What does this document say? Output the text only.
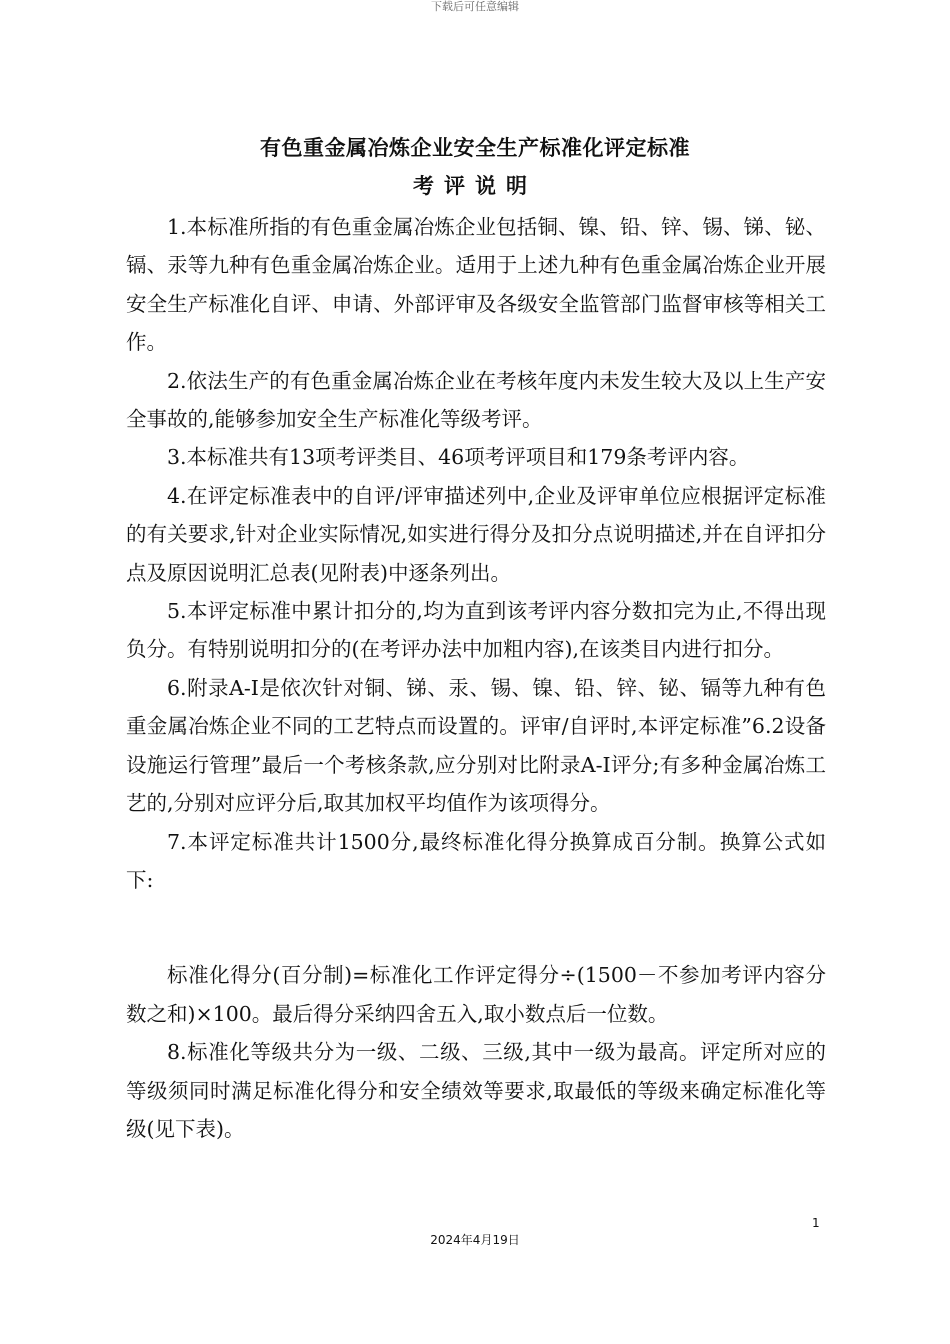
下载后可任意编辑
有色重金属冶炼企业安全生产标准化评定标准
考评说明

1.本标准所指的有色重金属冶炼企业包括铜、镍、铅、锌、锡、锑、铋、镉、汞等九种有色重金属冶炼企业。适用于上述九种有色重金属冶炼企业开展安全生产标准化自评、申请、外部评审及各级安全监管部门监督审核等相关工作。

2.依法生产的有色重金属冶炼企业在考核年度内未发生较大及以上生产安全事故的,能够参加安全生产标准化等级考评。

3.本标准共有13项考评类目、46项考评项目和179条考评内容。

4.在评定标准表中的自评/评审描述列中,企业及评审单位应根据评定标准的有关要求,针对企业实际情况,如实进行得分及扣分点说明描述,并在自评扣分点及原因说明汇总表(见附表)中逐条列出。

5.本评定标准中累计扣分的,均为直到该考评内容分数扣完为止,不得出现负分。有特别说明扣分的(在考评办法中加粗内容),在该类目内进行扣分。

6.附录A-I是依次针对铜、锑、汞、锡、镍、铅、锌、铋、镉等九种有色重金属冶炼企业不同的工艺特点而设置的。评审/自评时,本评定标准”6.2设备设施运行管理”最后一个考核条款,应分别对比附录A-I评分;有多种金属冶炼工艺的,分别对应评分后,取其加权平均值作为该项得分。

7.本评定标准共计1500分,最终标准化得分换算成百分制。换算公式如下:

标准化得分(百分制)=标准化工作评定得分÷(1500－不参加考评内容分数之和)×100。最后得分采纳四舍五入,取小数点后一位数。

8.标准化等级共分为一级、二级、三级,其中一级为最高。评定所对应的等级须同时满足标准化得分和安全绩效等要求,取最低的等级来确定标准化等级(见下表)。

1
2024年4月19日
